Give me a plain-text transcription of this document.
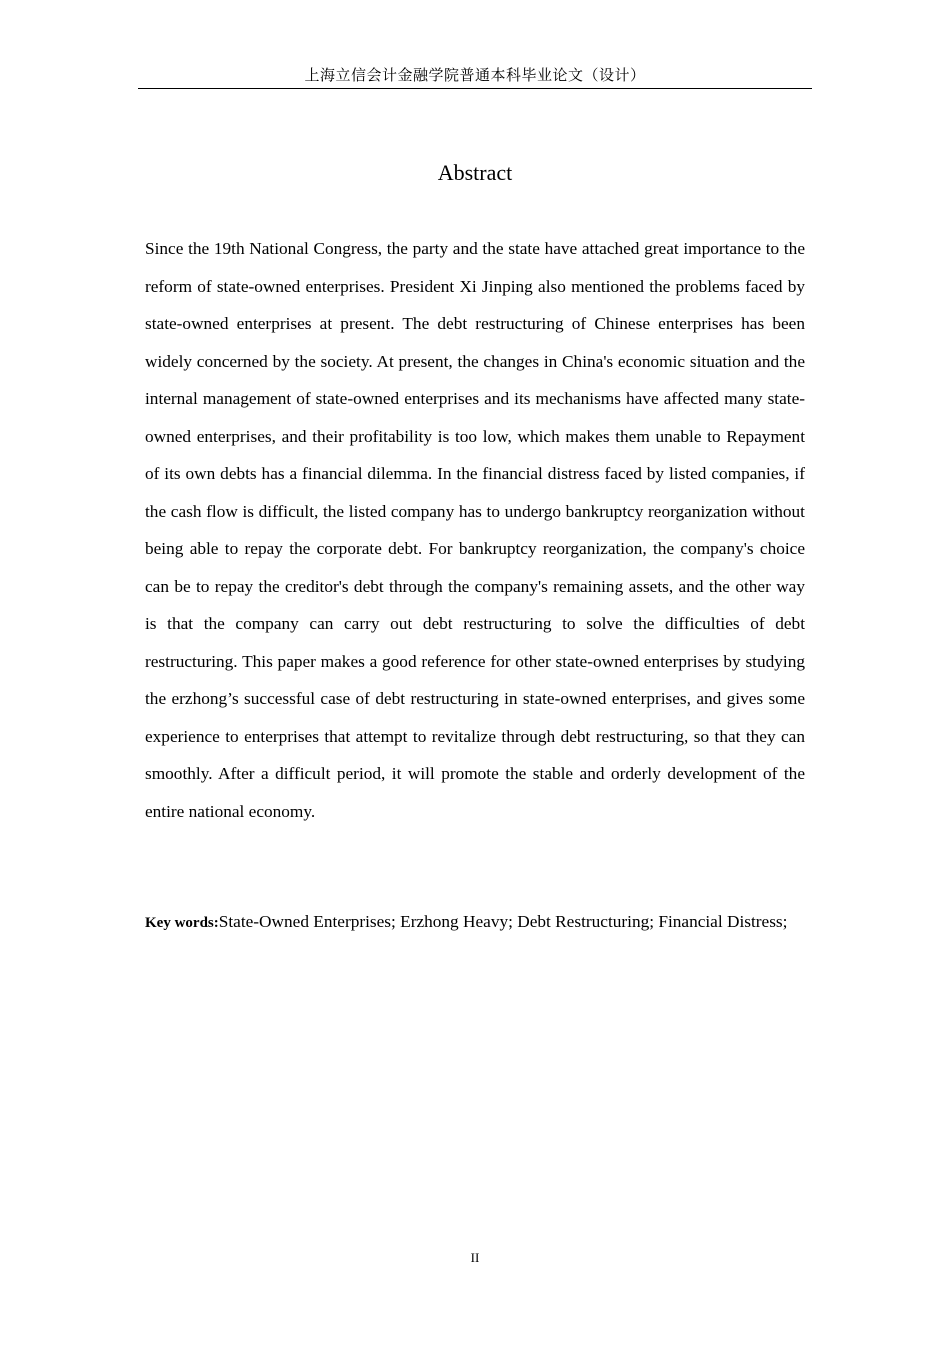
上海立信会计金融学院普通本科毕业论文（设计）
Abstract

Since the 19th National Congress, the party and the state have attached great importance to the reform of state-owned enterprises. President Xi Jinping also mentioned the problems faced by state-owned enterprises at present. The debt restructuring of Chinese enterprises has been widely concerned by the society. At present, the changes in China's economic situation and the internal management of state-owned enterprises and its mechanisms have affected many state-owned enterprises, and their profitability is too low, which makes them unable to Repayment of its own debts has a financial dilemma. In the financial distress faced by listed companies, if the cash flow is difficult, the listed company has to undergo bankruptcy reorganization without being able to repay the corporate debt. For bankruptcy reorganization, the company's choice can be to repay the creditor's debt through the company's remaining assets, and the other way is that the company can carry out debt restructuring to solve the difficulties of debt restructuring. This paper makes a good reference for other state-owned enterprises by studying the erzhong’s successful case of debt restructuring in state-owned enterprises, and gives some experience to enterprises that attempt to revitalize through debt restructuring, so that they can smoothly. After a difficult period, it will promote the stable and orderly development of the entire national economy.

Key words:State-Owned Enterprises; Erzhong Heavy; Debt Restructuring; Financial Distress;

II
